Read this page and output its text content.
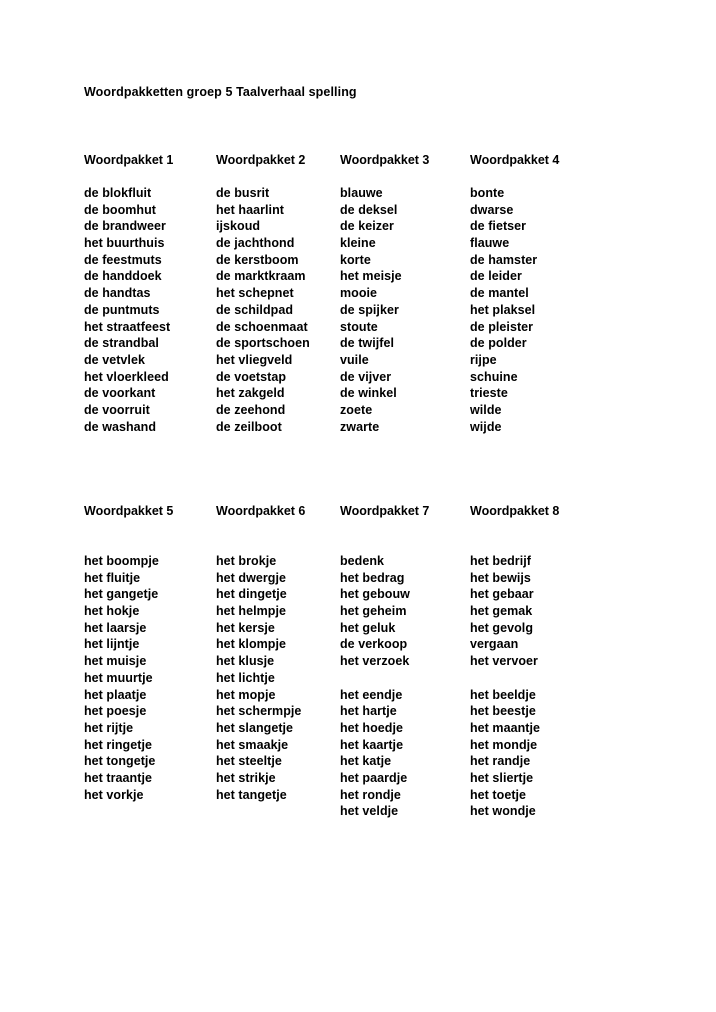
Woordpakketten groep 5 Taalverhaal spelling
Woordpakket 1
de blokfluit
de boomhut
de brandweer
het buurthuis
de feestmuts
de handdoek
de handtas
de puntmuts
het straatfeest
de strandbal
de vetvlek
het vloerkleed
de voorkant
de voorruit
de washand
Woordpakket 2
de busrit
het haarlint
ijskoud
de jachthond
de kerstboom
de marktkraam
het schepnet
de schildpad
de schoenmaat
de sportschoen
het vliegveld
de voetstap
het zakgeld
de zeehond
de zeilboot
Woordpakket 3
blauwe
de deksel
de keizer
kleine
korte
het meisje
mooie
de spijker
stoute
de twijfel
vuile
de vijver
de winkel
zoete
zwarte
Woordpakket 4
bonte
dwarse
de fietser
flauwe
de hamster
de leider
de mantel
het plaksel
de pleister
de polder
rijpe
schuine
trieste
wilde
wijde
Woordpakket 5
het boompje
het fluitje
het gangetje
het hokje
het laarsje
het lijntje
het muisje
het muurtje
het plaatje
het poesje
het rijtje
het ringetje
het tongetje
het traantje
het vorkje
Woordpakket 6
het brokje
het dwergje
het dingetje
het helmpje
het kersje
het klompje
het klusje
het lichtje
het mopje
het schermpje
het slangetje
het smaakje
het steeltje
het strikje
het tangetje
Woordpakket 7
bedenk
het bedrag
het gebouw
het geheim
het geluk
de verkoop
het verzoek
het eendje
het hartje
het hoedje
het kaartje
het katje
het paardje
het rondje
het veldje
Woordpakket 8
het bedrijf
het bewijs
het gebaar
het gemak
het gevolg
vergaan
het vervoer
het beeldje
het beestje
het maantje
het mondje
het randje
het sliertje
het toetje
het wondje
